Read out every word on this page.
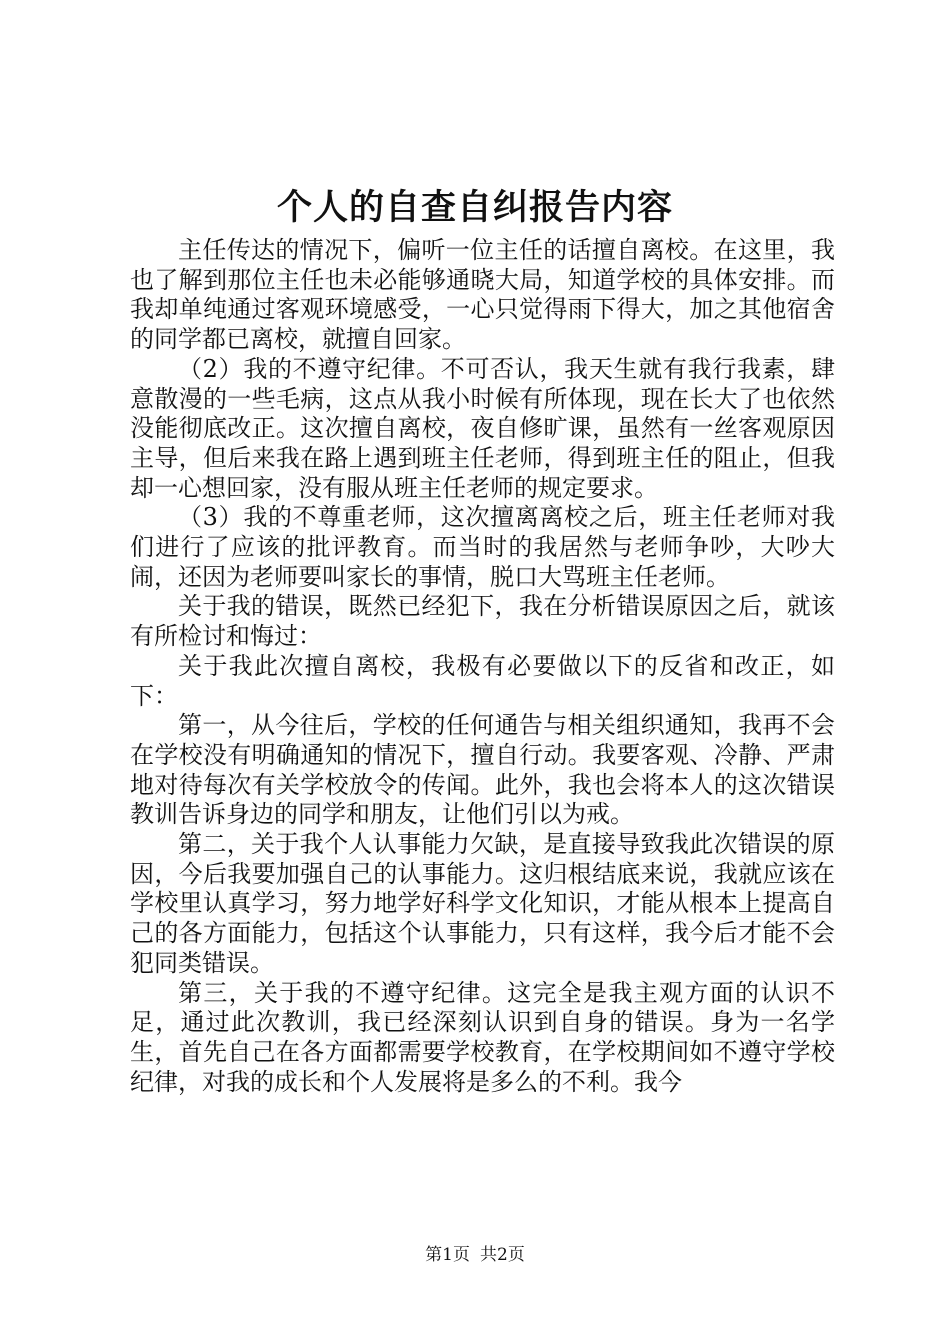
个人的自查自纠报告内容

主任传达的情况下，偏听一位主任的话擅自离校。在这里，我也了解到那位主任也未必能够通晓大局，知道学校的具体安排。而我却单纯通过客观环境感受，一心只觉得雨下得大，加之其他宿舍的同学都已离校，就擅自回家。

（2）我的不遵守纪律。不可否认，我天生就有我行我素，肆意散漫的一些毛病，这点从我小时候有所体现，现在长大了也依然没能彻底改正。这次擅自离校，夜自修旷课，虽然有一丝客观原因主导，但后来我在路上遇到班主任老师，得到班主任的阻止，但我却一心想回家，没有服从班主任老师的规定要求。

（3）我的不尊重老师，这次擅离离校之后，班主任老师对我们进行了应该的批评教育。而当时的我居然与老师争吵，大吵大闹，还因为老师要叫家长的事情，脱口大骂班主任老师。

关于我的错误，既然已经犯下，我在分析错误原因之后，就该有所检讨和悔过：

关于我此次擅自离校，我极有必要做以下的反省和改正，如下：

第一，从今往后，学校的任何通告与相关组织通知，我再不会在学校没有明确通知的情况下，擅自行动。我要客观、冷静、严肃地对待每次有关学校放令的传闻。此外，我也会将本人的这次错误教训告诉身边的同学和朋友，让他们引以为戒。

第二，关于我个人认事能力欠缺，是直接导致我此次错误的原因，今后我要加强自己的认事能力。这归根结底来说，我就应该在学校里认真学习，努力地学好科学文化知识，才能从根本上提高自己的各方面能力，包括这个认事能力，只有这样，我今后才能不会犯同类错误。

第三，关于我的不遵守纪律。这完全是我主观方面的认识不足，通过此次教训，我已经深刻认识到自身的错误。身为一名学生，首先自己在各方面都需要学校教育，在学校期间如不遵守学校纪律，对我的成长和个人发展将是多么的不利。我今

第1页 共2页
